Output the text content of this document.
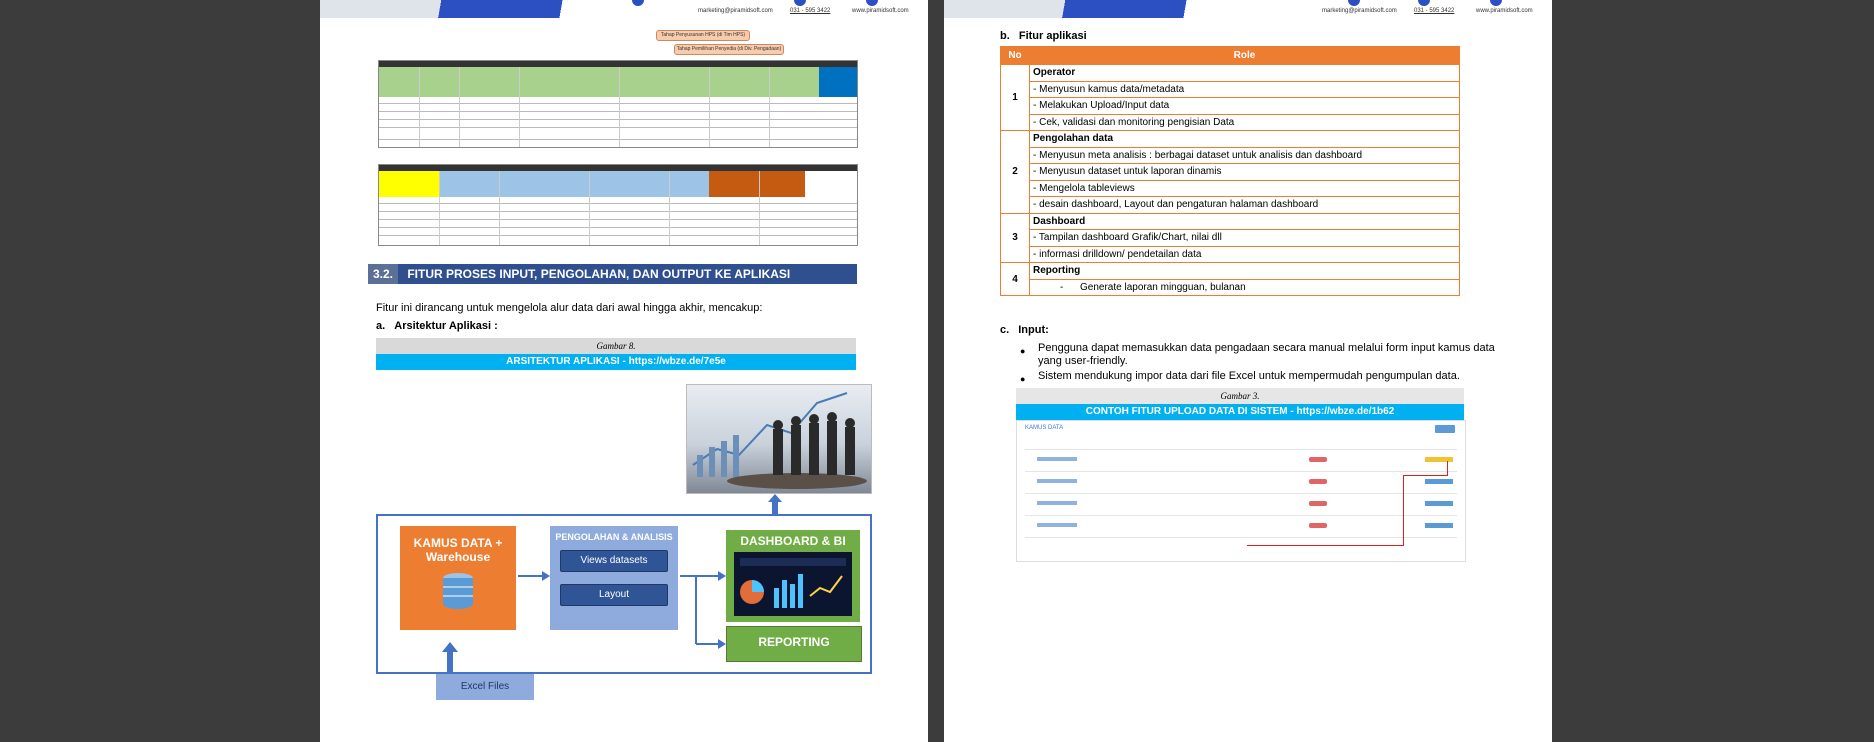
marketing@piramidsoft.com	031 - 595 3422	www.piramidsoft.com
Tahap Penyusunan HPS (di Tim HPS)
Tahap Pemilihan Penyedia (di Div. Pengadaan)
3.2. FITUR PROSES INPUT, PENGOLAHAN, DAN OUTPUT KE APLIKASI
Fitur ini dirancang untuk mengelola alur data dari awal hingga akhir, mencakup:
a. Arsitektur Aplikasi :
Gambar 8.
ARSITEKTUR APLIKASI - https://wbze.de/7e5e
KAMUS DATA + Warehouse
PENGOLAHAN & ANALISIS
Views datasets
Layout
DASHBOARD & BI
REPORTING
Excel Files
marketing@piramidsoft.com	031 - 595 3422	www.piramidsoft.com
b. Fitur aplikasi
No	Role
1	Operator
	- Menyusun kamus data/metadata
	- Melakukan Upload/Input data
	- Cek, validasi dan monitoring pengisian Data
2	Pengolahan data
	- Menyusun meta analisis : berbagai dataset untuk analisis dan dashboard
	- Menyusun dataset untuk laporan dinamis
	- Mengelola tableviews
	- desain dashboard, Layout dan pengaturan halaman dashboard
3	Dashboard
	- Tampilan dashboard Grafik/Chart, nilai dll
	- informasi drilldown/ pendetailan data
4	Reporting
	-      Generate laporan mingguan, bulanan
c. Input:
● Pengguna dapat memasukkan data pengadaan secara manual melalui form input kamus data yang user-friendly.
● Sistem mendukung impor data dari file Excel untuk mempermudah pengumpulan data.
Gambar 3.
CONTOH FITUR UPLOAD DATA DI SISTEM - https://wbze.de/1b62
KAMUS DATA
